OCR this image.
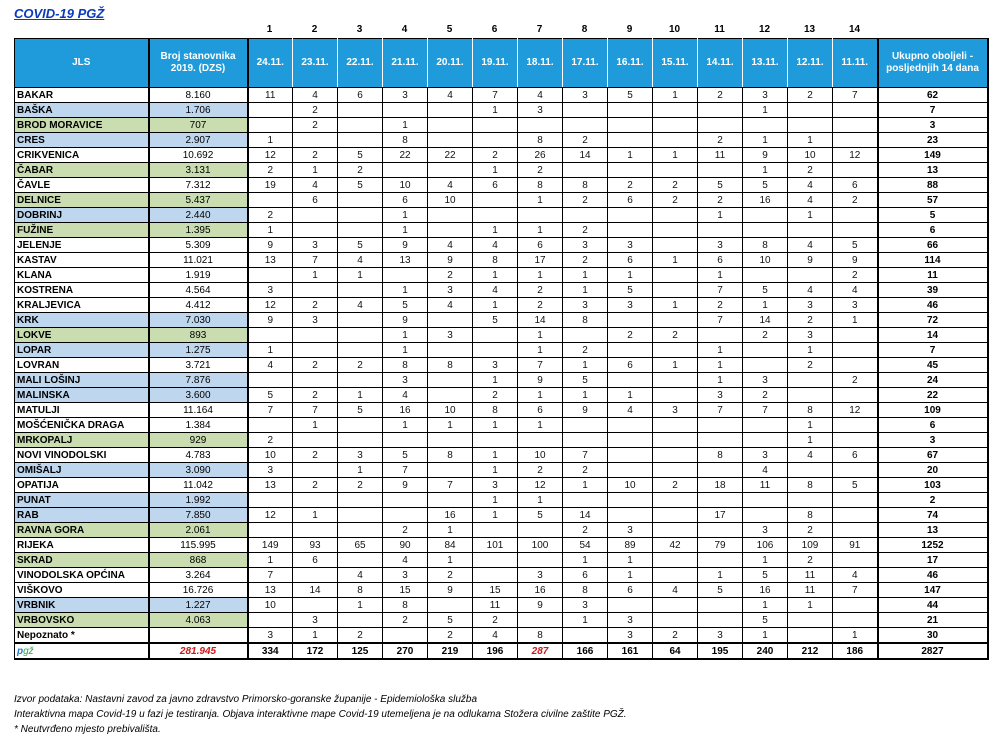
COVID-19 PGŽ
1	2	3	4	5	6	7	8	9	10	11	12	13	14
JLS	Broj stanovnika 2019. (DZS)	24.11.	23.11.	22.11.	21.11.	20.11.	19.11.	18.11.	17.11.	16.11.	15.11.	14.11.	13.11.	12.11.	11.11.	Ukupno oboljeli - posljednjih 14 dana
BAKAR	8.160	11	4	6	3	4	7	4	3	5	1	2	3	2	7	62
BAŠKA	1.706		2				1	3					1			7
BROD MORAVICE	707		2		1											3
CRES	2.907	1			8			8	2			2	1	1		23
CRIKVENICA	10.692	12	2	5	22	22	2	26	14	1	1	11	9	10	12	149
ČABAR	3.131	2	1	2			1	2					1	2		13
ČAVLE	7.312	19	4	5	10	4	6	8	8	2	2	5	5	4	6	88
DELNICE	5.437		6		6	10		1	2	6	2	2	16	4	2	57
DOBRINJ	2.440	2			1							1		1		5
FUŽINE	1.395	1			1		1	1	2							6
JELENJE	5.309	9	3	5	9	4	4	6	3	3		3	8	4	5	66
KASTAV	11.021	13	7	4	13	9	8	17	2	6	1	6	10	9	9	114
KLANA	1.919		1	1		2	1	1	1	1		1			2	11
KOSTRENA	4.564	3			1	3	4	2	1	5		7	5	4	4	39
KRALJEVICA	4.412	12	2	4	5	4	1	2	3	3	1	2	1	3	3	46
KRK	7.030	9	3		9		5	14	8			7	14	2	1	72
LOKVE	893				1	3		1		2	2		2	3		14
LOPAR	1.275	1			1			1	2			1		1		7
LOVRAN	3.721	4	2	2	8	8	3	7	1	6	1	1		2		45
MALI LOŠINJ	7.876				3		1	9	5			1	3		2	24
MALINSKA	3.600	5	2	1	4		2	1	1	1		3	2			22
MATULJI	11.164	7	7	5	16	10	8	6	9	4	3	7	7	8	12	109
MOŠĆENIČKA DRAGA	1.384		1		1	1	1	1						1		6
MRKOPALJ	929	2												1		3
NOVI VINODOLSKI	4.783	10	2	3	5	8	1	10	7			8	3	4	6	67
OMIŠALJ	3.090	3		1	7		1	2	2				4			20
OPATIJA	11.042	13	2	2	9	7	3	12	1	10	2	18	11	8	5	103
PUNAT	1.992						1	1								2
RAB	7.850	12	1			16	1	5	14			17		8		74
RAVNA GORA	2.061				2	1			2	3			3	2		13
RIJEKA	115.995	149	93	65	90	84	101	100	54	89	42	79	106	109	91	1252
SKRAD	868	1	6		4	1			1	1			1	2		17
VINODOLSKA OPĆINA	3.264	7		4	3	2		3	6	1		1	5	11	4	46
VIŠKOVO	16.726	13	14	8	15	9	15	16	8	6	4	5	16	11	7	147
VRBNIK	1.227	10		1	8		11	9	3				1	1		44
VRBOVSKO	4.063		3		2	5	2		1	3			5			21
Nepoznato *		3	1	2		2	4	8		3	2	3	1		1	30
pgž	281.945	334	172	125	270	219	196	287	166	161	64	195	240	212	186	2827
Izvor podataka: Nastavni zavod za javno zdravstvo Primorsko-goranske županije - Epidemiološka služba
Interaktivna mapa Covid-19 u fazi je testiranja. Objava interaktivne mape Covid-19 utemeljena je na odlukama Stožera civilne zaštite PGŽ.
* Neutvrđeno mjesto prebivališta.
